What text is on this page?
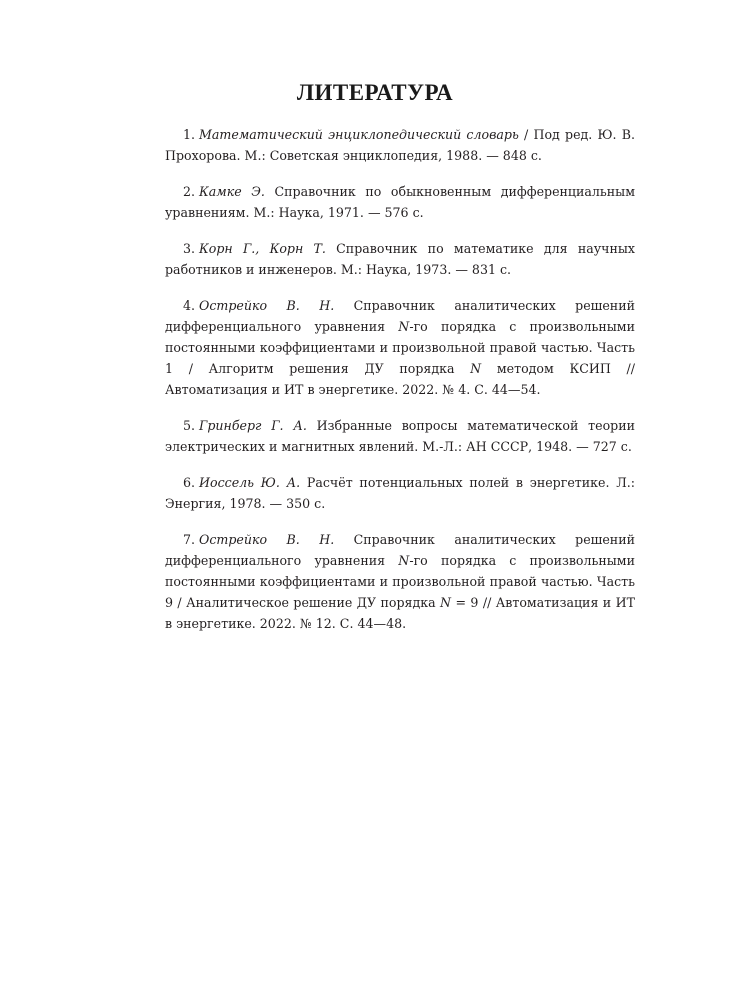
ЛИТЕРАТУРА
1. Математический энциклопедический словарь / Под ред. Ю. В. Прохорова. М.: Советская энциклопедия, 1988. — 848 с.
2. Камке Э. Справочник по обыкновенным дифференциальным уравнениям. М.: Наука, 1971. — 576 с.
3. Корн Г., Корн Т. Справочник по математике для научных работников и инженеров. М.: Наука, 1973. — 831 с.
4. Острейко В. Н. Справочник аналитических решений дифференциального уравнения N-го порядка с произвольными постоянными коэффициентами и произвольной правой частью. Часть 1 / Алгоритм решения ДУ порядка N методом КСИП // Автоматизация и ИТ в энергетике. 2022. № 4. С. 44—54.
5. Гринберг Г. А. Избранные вопросы математической теории электрических и магнитных явлений. М.-Л.: АН СССР, 1948. — 727 с.
6. Иоссель Ю. А. Расчёт потенциальных полей в энергетике. Л.: Энергия, 1978. — 350 с.
7. Острейко В. Н. Справочник аналитических решений дифференциального уравнения N-го порядка с произвольными постоянными коэффициентами и произвольной правой частью. Часть 9 / Аналитическое решение ДУ порядка N = 9 // Автоматизация и ИТ в энергетике. 2022. № 12. С. 44—48.
